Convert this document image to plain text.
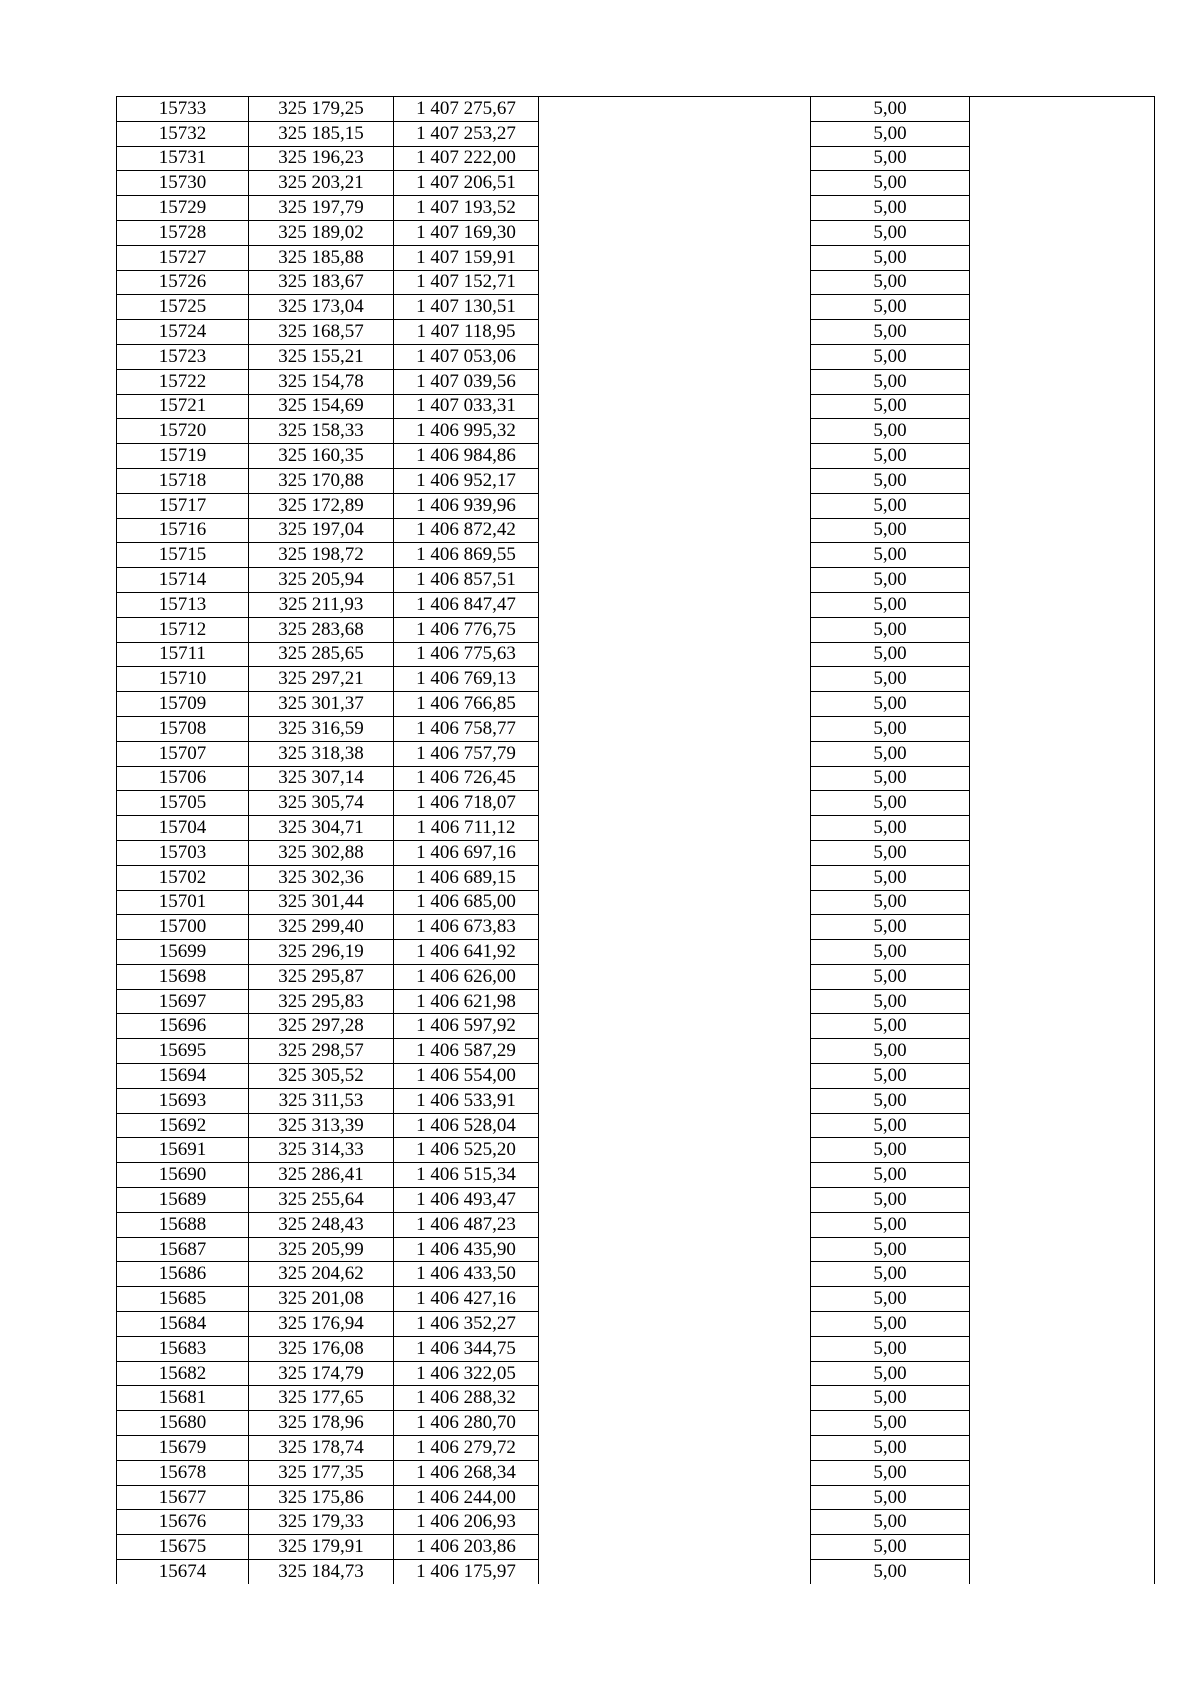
15733	325 179,25	1 407 275,67		5,00	
15732	325 185,15	1 407 253,27		5,00	
15731	325 196,23	1 407 222,00		5,00	
15730	325 203,21	1 407 206,51		5,00	
15729	325 197,79	1 407 193,52		5,00	
15728	325 189,02	1 407 169,30		5,00	
15727	325 185,88	1 407 159,91		5,00	
15726	325 183,67	1 407 152,71		5,00	
15725	325 173,04	1 407 130,51		5,00	
15724	325 168,57	1 407 118,95		5,00	
15723	325 155,21	1 407 053,06		5,00	
15722	325 154,78	1 407 039,56		5,00	
15721	325 154,69	1 407 033,31		5,00	
15720	325 158,33	1 406 995,32		5,00	
15719	325 160,35	1 406 984,86		5,00	
15718	325 170,88	1 406 952,17		5,00	
15717	325 172,89	1 406 939,96		5,00	
15716	325 197,04	1 406 872,42		5,00	
15715	325 198,72	1 406 869,55		5,00	
15714	325 205,94	1 406 857,51		5,00	
15713	325 211,93	1 406 847,47		5,00	
15712	325 283,68	1 406 776,75		5,00	
15711	325 285,65	1 406 775,63		5,00	
15710	325 297,21	1 406 769,13		5,00	
15709	325 301,37	1 406 766,85		5,00	
15708	325 316,59	1 406 758,77		5,00	
15707	325 318,38	1 406 757,79		5,00	
15706	325 307,14	1 406 726,45		5,00	
15705	325 305,74	1 406 718,07		5,00	
15704	325 304,71	1 406 711,12		5,00	
15703	325 302,88	1 406 697,16		5,00	
15702	325 302,36	1 406 689,15		5,00	
15701	325 301,44	1 406 685,00		5,00	
15700	325 299,40	1 406 673,83		5,00	
15699	325 296,19	1 406 641,92		5,00	
15698	325 295,87	1 406 626,00		5,00	
15697	325 295,83	1 406 621,98		5,00	
15696	325 297,28	1 406 597,92		5,00	
15695	325 298,57	1 406 587,29		5,00	
15694	325 305,52	1 406 554,00		5,00	
15693	325 311,53	1 406 533,91		5,00	
15692	325 313,39	1 406 528,04		5,00	
15691	325 314,33	1 406 525,20		5,00	
15690	325 286,41	1 406 515,34		5,00	
15689	325 255,64	1 406 493,47		5,00	
15688	325 248,43	1 406 487,23		5,00	
15687	325 205,99	1 406 435,90		5,00	
15686	325 204,62	1 406 433,50		5,00	
15685	325 201,08	1 406 427,16		5,00	
15684	325 176,94	1 406 352,27		5,00	
15683	325 176,08	1 406 344,75		5,00	
15682	325 174,79	1 406 322,05		5,00	
15681	325 177,65	1 406 288,32		5,00	
15680	325 178,96	1 406 280,70		5,00	
15679	325 178,74	1 406 279,72		5,00	
15678	325 177,35	1 406 268,34		5,00	
15677	325 175,86	1 406 244,00		5,00	
15676	325 179,33	1 406 206,93		5,00	
15675	325 179,91	1 406 203,86		5,00	
15674	325 184,73	1 406 175,97		5,00	
